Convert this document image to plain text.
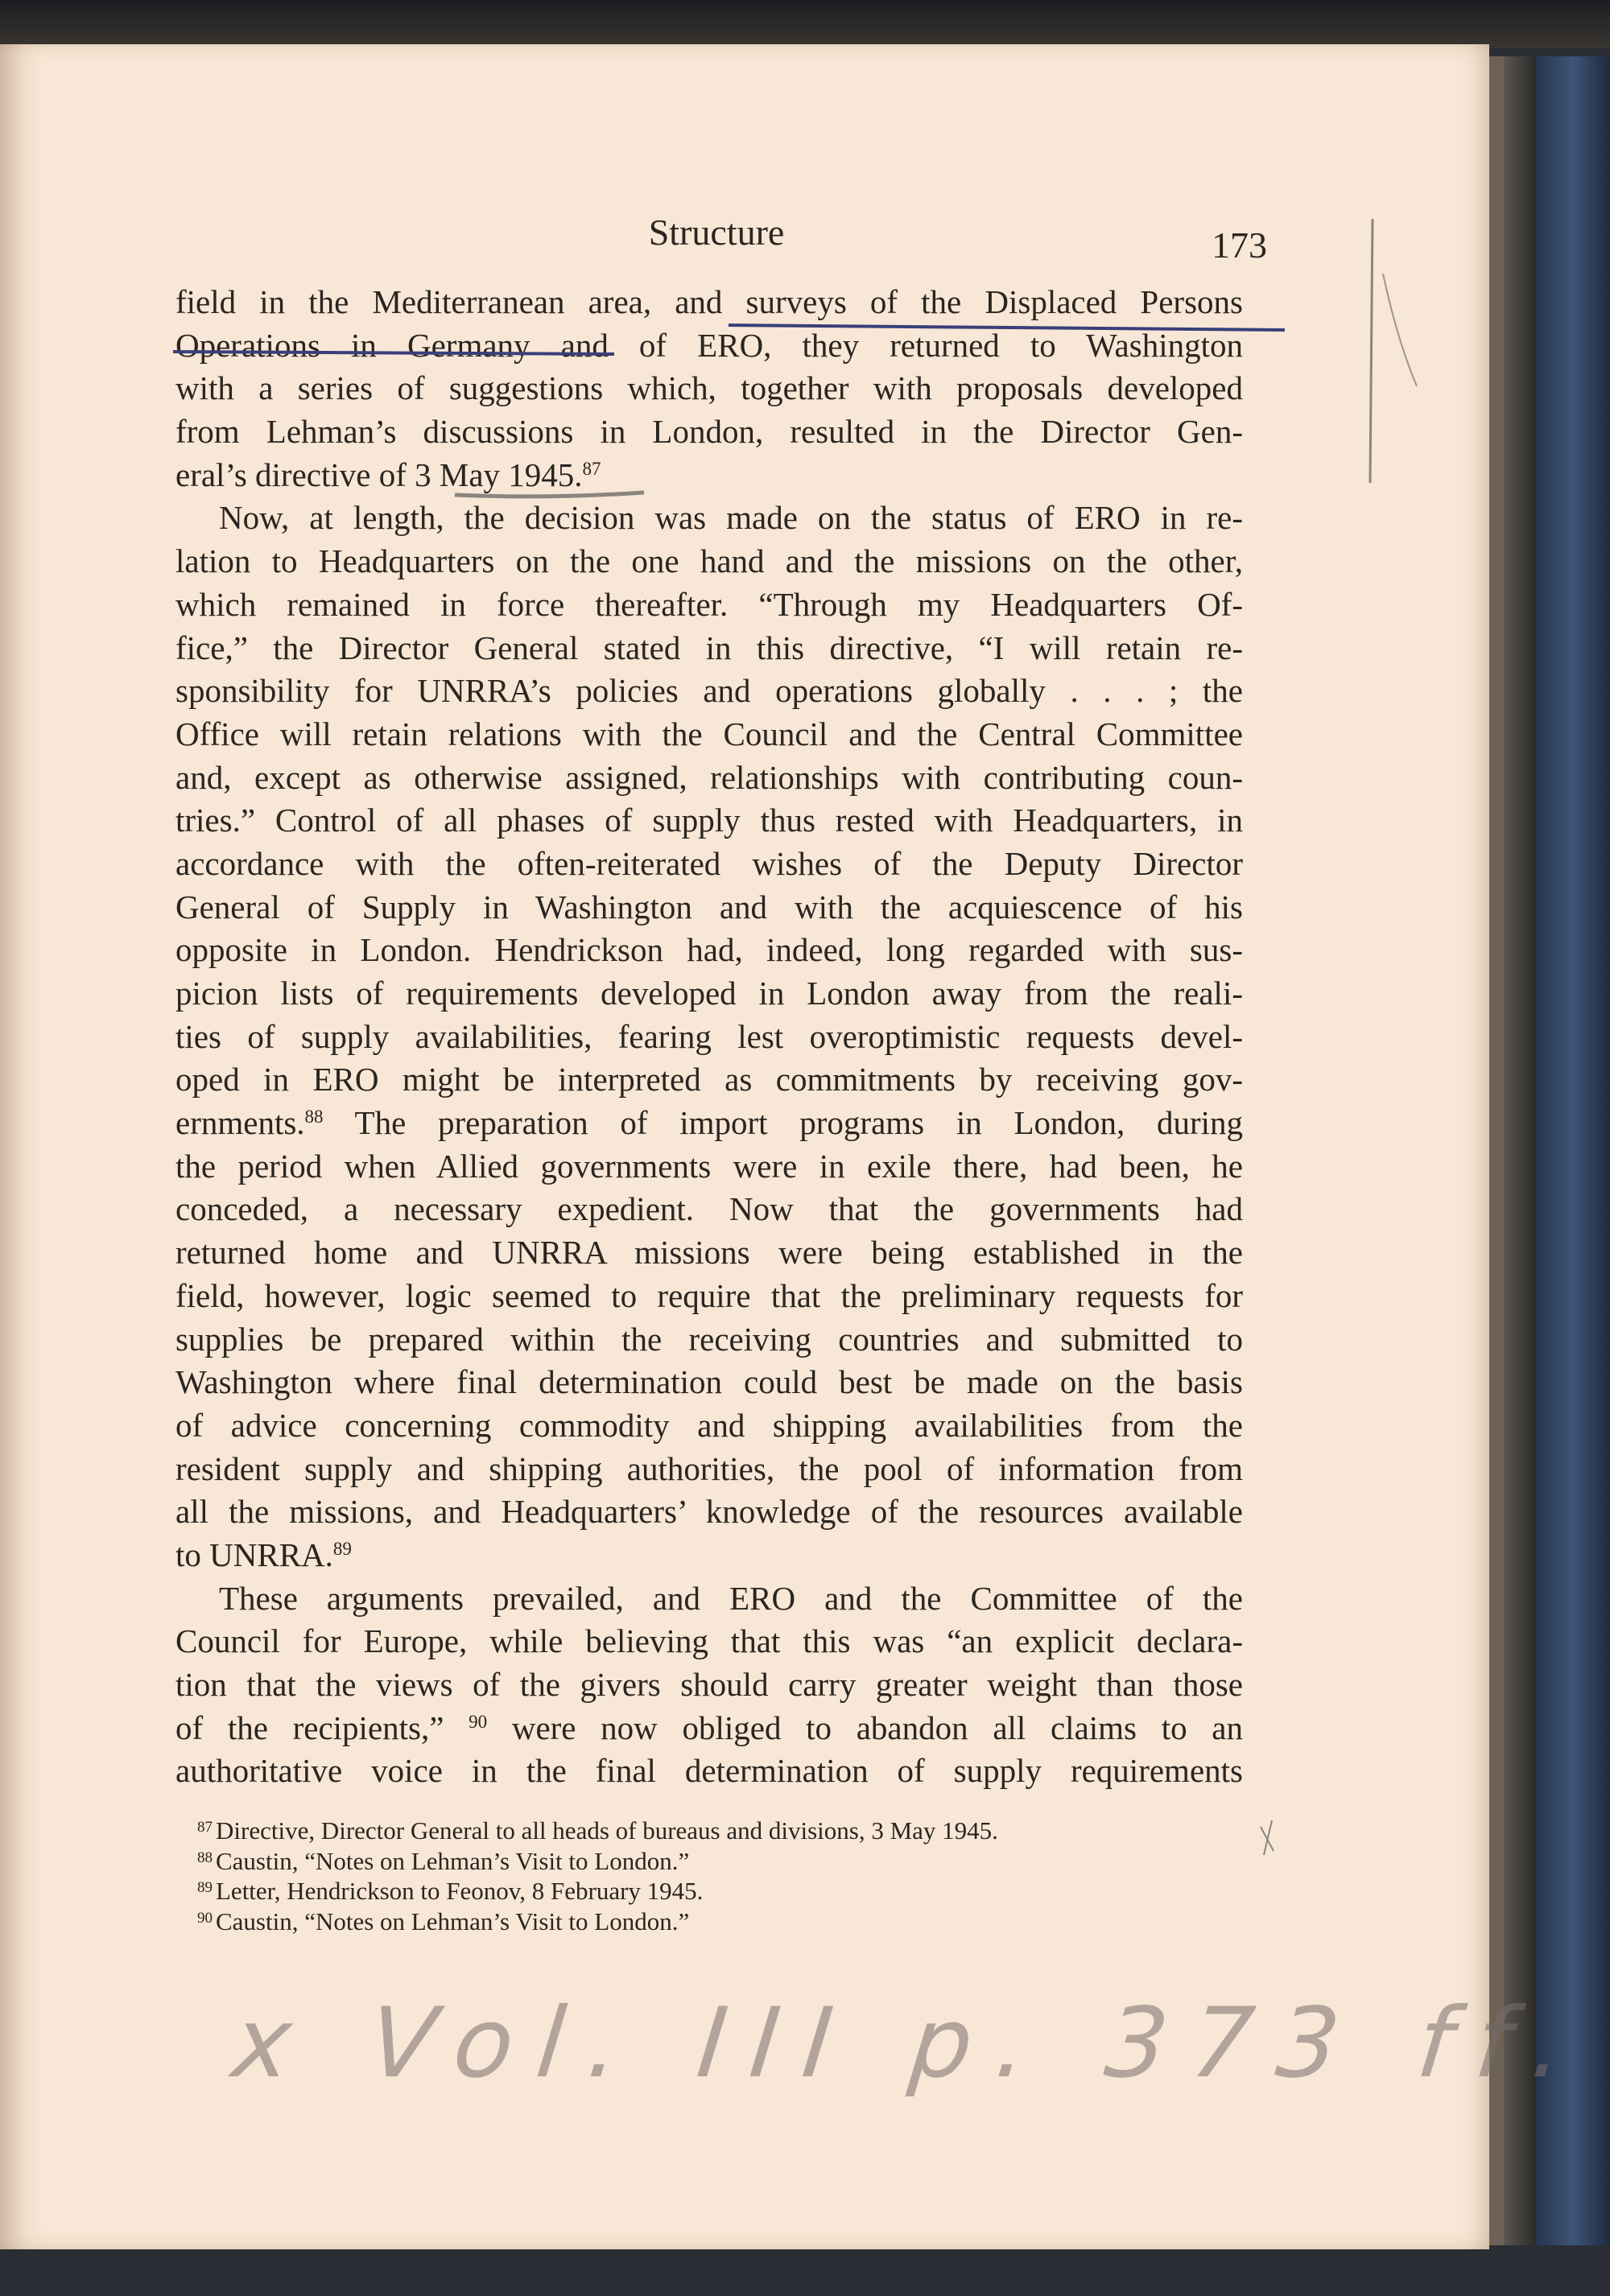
Structure	173
field in the Mediterranean area, and surveys of the Displaced Persons
Operations in Germany and of ERO, they returned to Washington
with a series of suggestions which, together with proposals developed
from Lehman’s discussions in London, resulted in the Director Gen-
eral’s directive of 3 May 1945.87
Now, at length, the decision was made on the status of ERO in re-
lation to Headquarters on the one hand and the missions on the other,
which remained in force thereafter. “Through my Headquarters Of-
fice,” the Director General stated in this directive, “I will retain re-
sponsibility for UNRRA’s policies and operations globally . . . ; the
Office will retain relations with the Council and the Central Committee
and, except as otherwise assigned, relationships with contributing coun-
tries.” Control of all phases of supply thus rested with Headquarters, in
accordance with the often-reiterated wishes of the Deputy Director
General of Supply in Washington and with the acquiescence of his
opposite in London. Hendrickson had, indeed, long regarded with sus-
picion lists of requirements developed in London away from the reali-
ties of supply availabilities, fearing lest overoptimistic requests devel-
oped in ERO might be interpreted as commitments by receiving gov-
ernments.$^{88}$ The preparation of import programs in London, during
the period when Allied governments were in exile there, had been, he
conceded, a necessary expedient. Now that the governments had
returned home and UNRRA missions were being established in the
field, however, logic seemed to require that the preliminary requests for
supplies be prepared within the receiving countries and submitted to
Washington where final determination could best be made on the basis
of advice concerning commodity and shipping availabilities from the
resident supply and shipping authorities, the pool of information from
all the missions, and Headquarters’ knowledge of the resources available
to UNRRA.$^{89}$
These arguments prevailed, and ERO and the Committee of the
Council for Europe, while believing that this was “an explicit declara-
tion that the views of the givers should carry greater weight than those
of the recipients,” $^{90}$ were now obliged to abandon all claims to an
authoritative voice in the final determination of supply requirements
$^{87}$ Directive, Director General to all heads of bureaus and divisions, 3 May 1945.
$^{88}$ Caustin, “Notes on Lehman’s Visit to London.”
$^{89}$ Letter, Hendrickson to Feonov, 8 February 1945.
$^{90}$ Caustin, “Notes on Lehman’s Visit to London.”
x Vol. III p. 373 ff.
